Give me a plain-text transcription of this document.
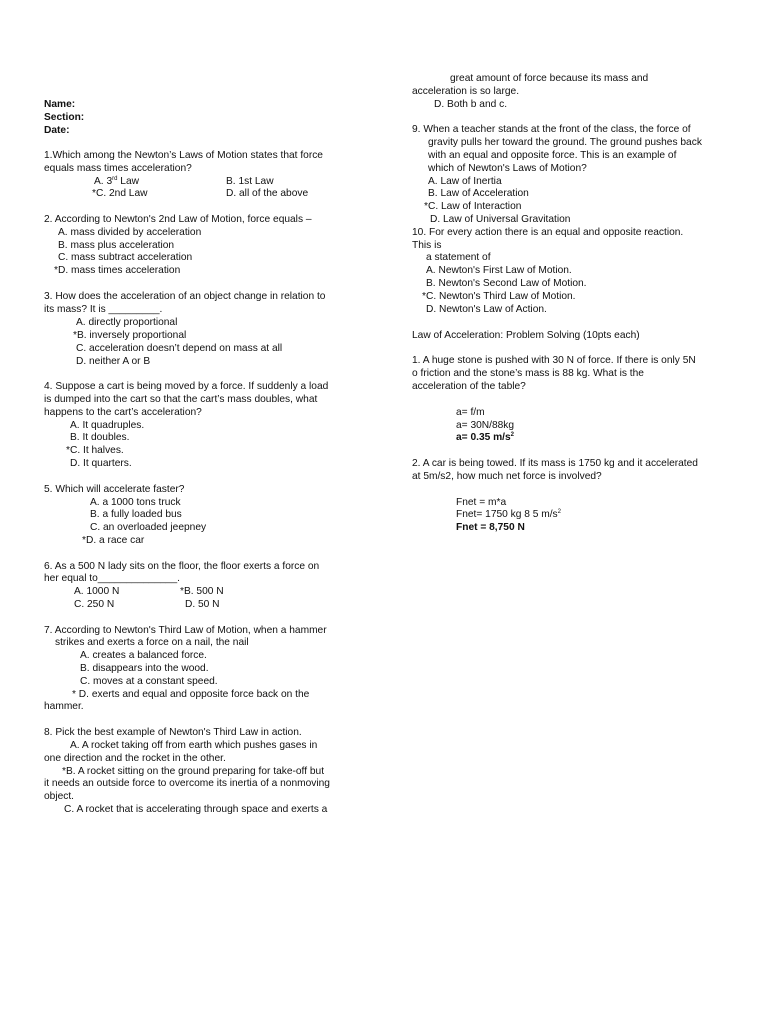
Name:
Section:
Date:
1.Which among the Newton’s Laws of Motion states that force
equals mass times acceleration?
A. 3rd Law	B. 1st Law
*C. 2nd Law	D. all of the above
2. According to Newton's 2nd Law of Motion, force equals –
A. mass divided by acceleration
B. mass plus acceleration
C. mass subtract acceleration
*D. mass times acceleration
3. How does the acceleration of an object change in relation to
its mass? It is _________.
A. directly proportional
*B. inversely proportional
C. acceleration doesn’t depend on mass at all
D. neither A or B
4. Suppose a cart is being moved by a force. If suddenly a load
is dumped into the cart so that the cart’s mass doubles, what
happens to the cart’s acceleration?
A. It quadruples.
B. It doubles.
*C. It halves.
D. It quarters.
5. Which will accelerate faster?
A. a 1000 tons truck
B. a fully loaded bus
C. an overloaded jeepney
*D. a race car
6. As a 500 N lady sits on the floor, the floor exerts a force on
her equal to______________.
A. 1000 N	*B. 500 N
C. 250 N	D. 50 N
7. According to Newton's Third Law of Motion, when a hammer
strikes and exerts a force on a nail, the nail
A. creates a balanced force.
B. disappears into the wood.
C. moves at a constant speed.
* D. exerts and equal and opposite force back on the
hammer.
8. Pick the best example of Newton's Third Law in action.
A. A rocket taking off from earth which pushes gases in
one direction and the rocket in the other.
*B. A rocket sitting on the ground preparing for take-off but
it needs an outside force to overcome its inertia of a nonmoving
object.
C. A rocket that is accelerating through space and exerts a
great amount of force because its mass and
acceleration is so large.
D. Both b and c.
9. When a teacher stands at the front of the class, the force of
gravity pulls her toward the ground. The ground pushes back
with an equal and opposite force. This is an example of
which of Newton's Laws of Motion?
A. Law of Inertia
B. Law of Acceleration
*C. Law of Interaction
D. Law of Universal Gravitation
10. For every action there is an equal and opposite reaction.
This is
a statement of
A. Newton's First Law of Motion.
B. Newton's Second Law of Motion.
*C. Newton's Third Law of Motion.
D. Newton's Law of Action.
Law of Acceleration: Problem Solving (10pts each)
1. A huge stone is pushed with 30 N of force. If there is only 5N
o friction and the stone’s mass is 88 kg. What is the
acceleration of the table?
a= f/m
a= 30N/88kg
a= 0.35 $m/s^2$
2. A car is being towed. If its mass is 1750 kg and it accelerated
at 5m/s2, how much net force is involved?
Fnet = m*a
Fnet= 1750 kg 8 5 $m/s^2$
Fnet = 8,750 N
